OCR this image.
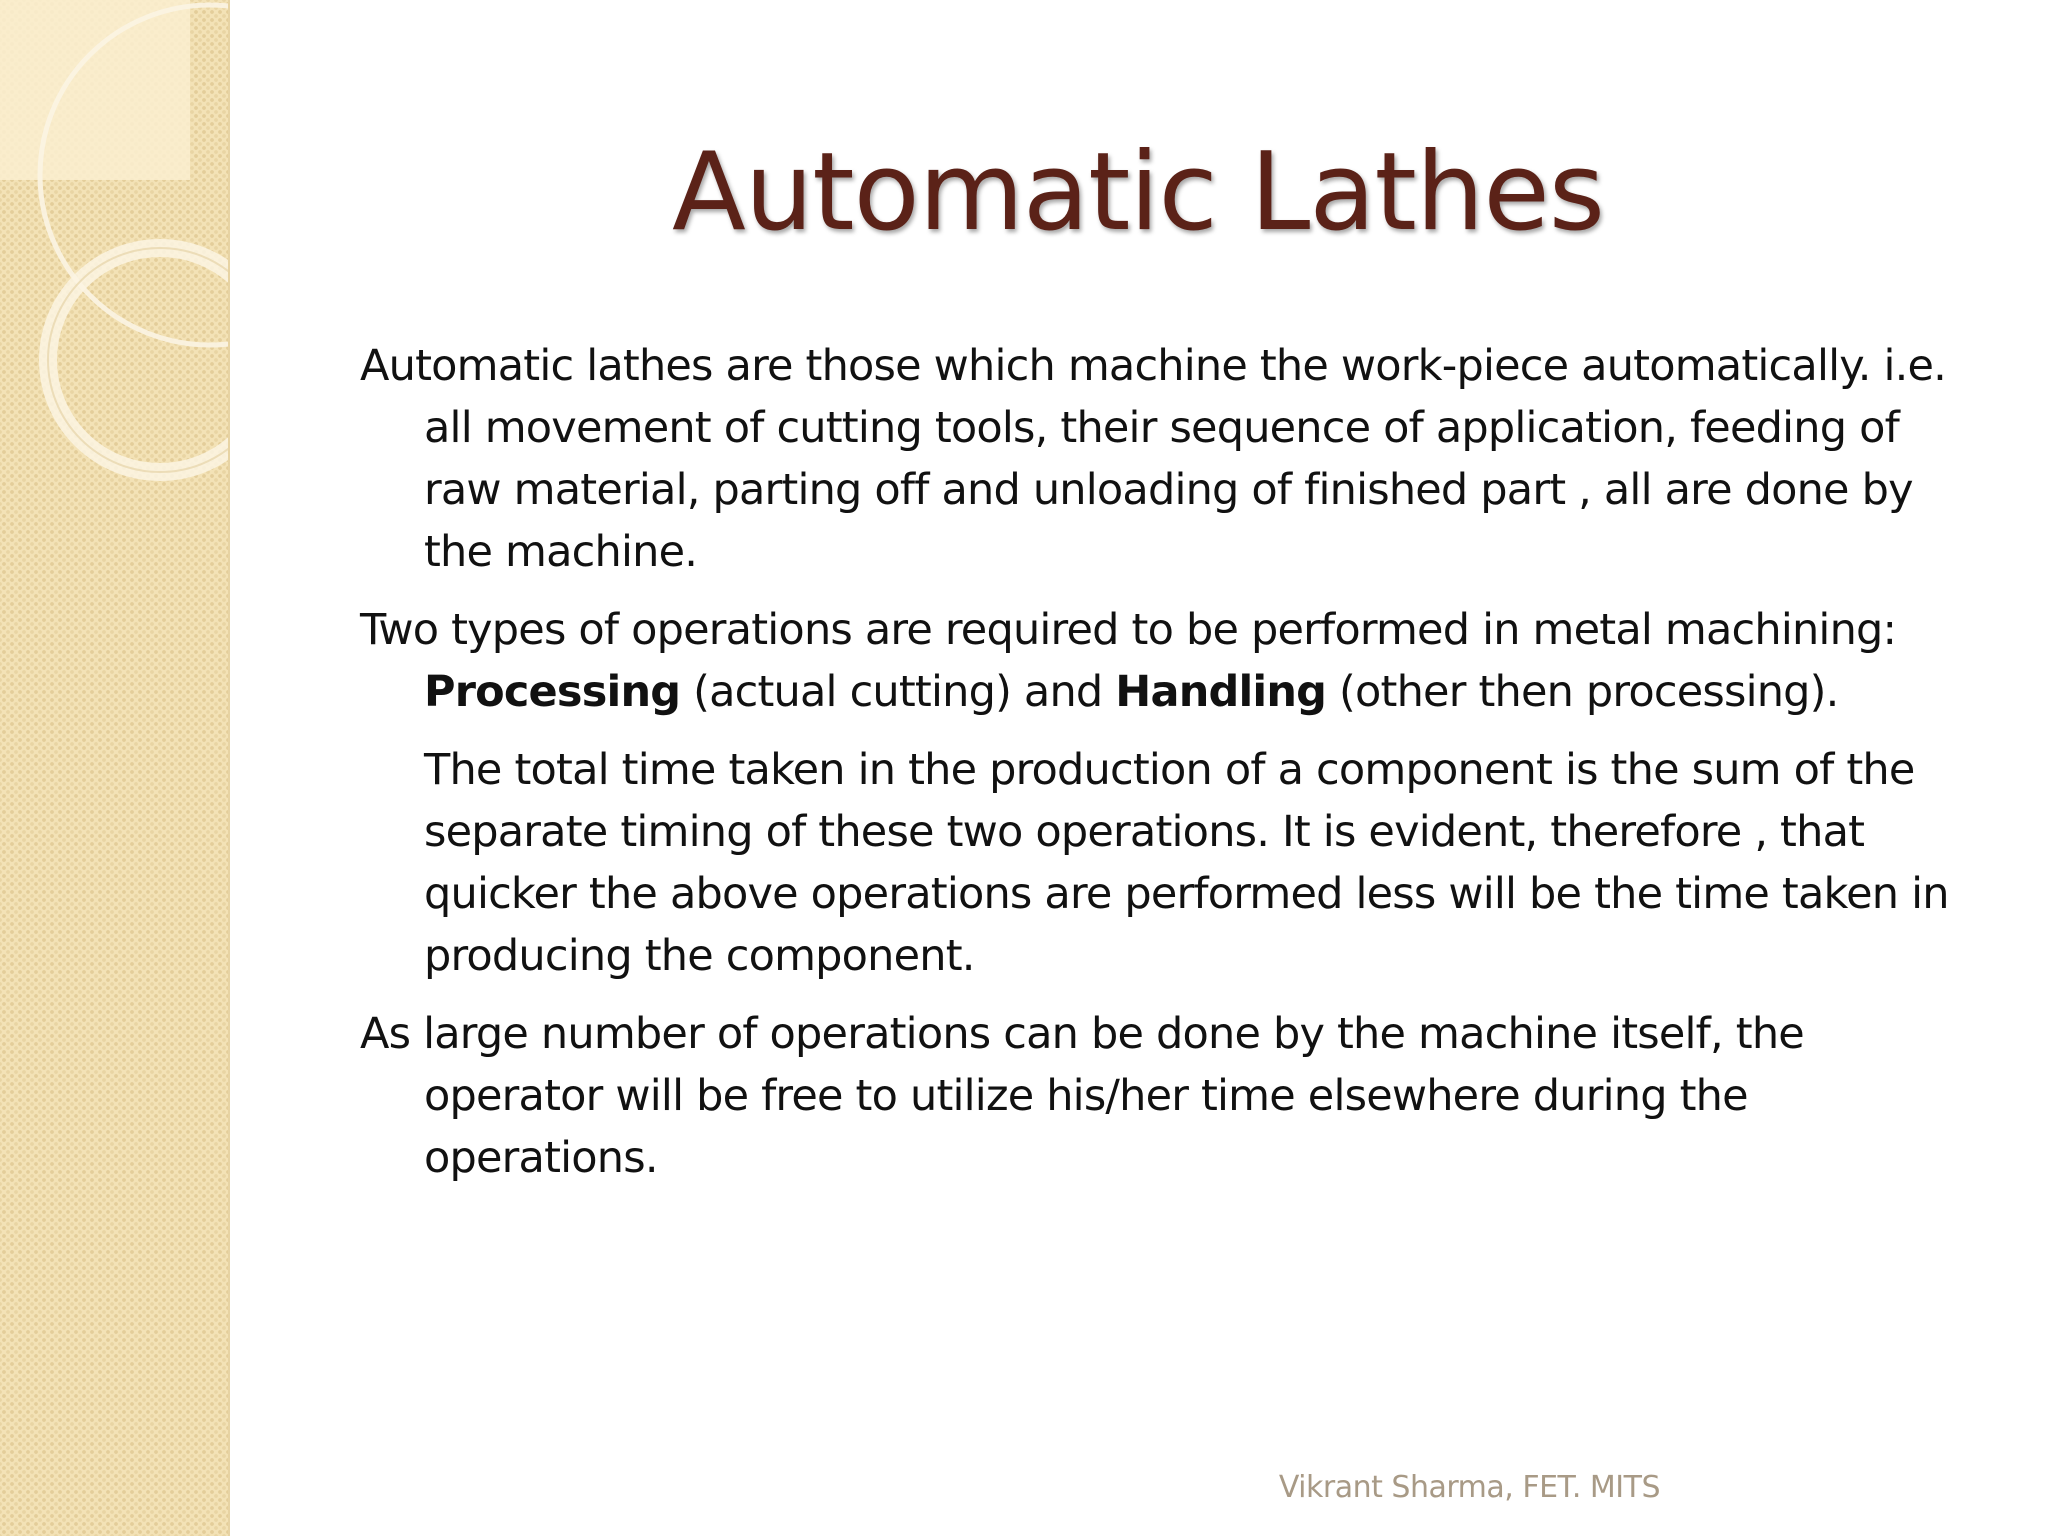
Automatic Lathes

Automatic lathes are those which machine the work-piece automatically. i.e. all movement of cutting tools, their sequence of application, feeding of raw material, parting off and unloading of finished part , all are done by the machine.

Two types of operations are required to be performed in metal machining: Processing (actual cutting) and Handling (other then processing).

The total time taken in the production of a component is the sum of the separate timing of these two operations. It is evident, therefore , that quicker the above operations are performed less will be the time taken in producing the component.

As large number of operations can be done by the machine itself, the operator will be free to utilize his/her time elsewhere during the operations.

Vikrant Sharma, FET. MITS
